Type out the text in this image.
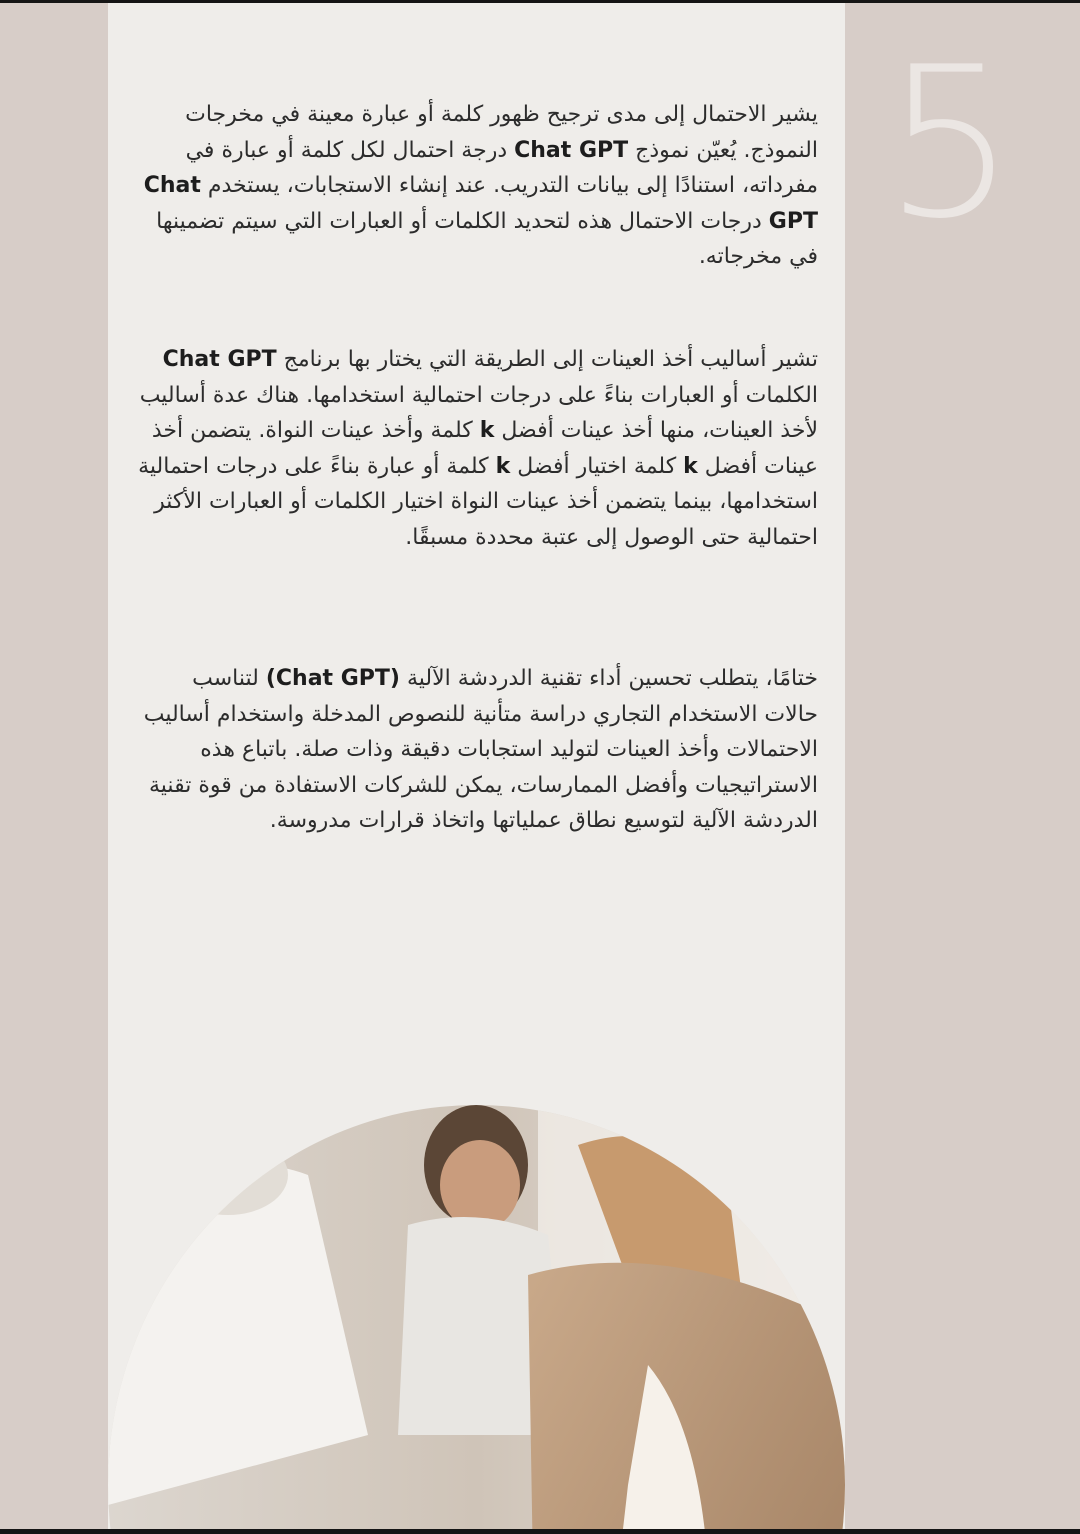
5

يشير الاحتمال إلى مدى ترجيح ظهور كلمة أو عبارة معينة في مخرجات النموذج. يُعيّن نموذج Chat GPT درجة احتمال لكل كلمة أو عبارة في مفرداته، استنادًا إلى بيانات التدريب. عند إنشاء الاستجابات، يستخدم Chat GPT درجات الاحتمال هذه لتحديد الكلمات أو العبارات التي سيتم تضمينها في مخرجاته.

تشير أساليب أخذ العينات إلى الطريقة التي يختار بها برنامج Chat GPT الكلمات أو العبارات بناءً على درجات احتمالية استخدامها. هناك عدة أساليب لأخذ العينات، منها أخذ عينات أفضل k كلمة وأخذ عينات النواة. يتضمن أخذ عينات أفضل k كلمة اختيار أفضل k كلمة أو عبارة بناءً على درجات احتمالية استخدامها، بينما يتضمن أخذ عينات النواة اختيار الكلمات أو العبارات الأكثر احتمالية حتى الوصول إلى عتبة محددة مسبقًا.

ختامًا، يتطلب تحسين أداء تقنية الدردشة الآلية (Chat GPT) لتناسب حالات الاستخدام التجاري دراسة متأنية للنصوص المدخلة واستخدام أساليب الاحتمالات وأخذ العينات لتوليد استجابات دقيقة وذات صلة. باتباع هذه الاستراتيجيات وأفضل الممارسات، يمكن للشركات الاستفادة من قوة تقنية الدردشة الآلية لتوسيع نطاق عملياتها واتخاذ قرارات مدروسة.
